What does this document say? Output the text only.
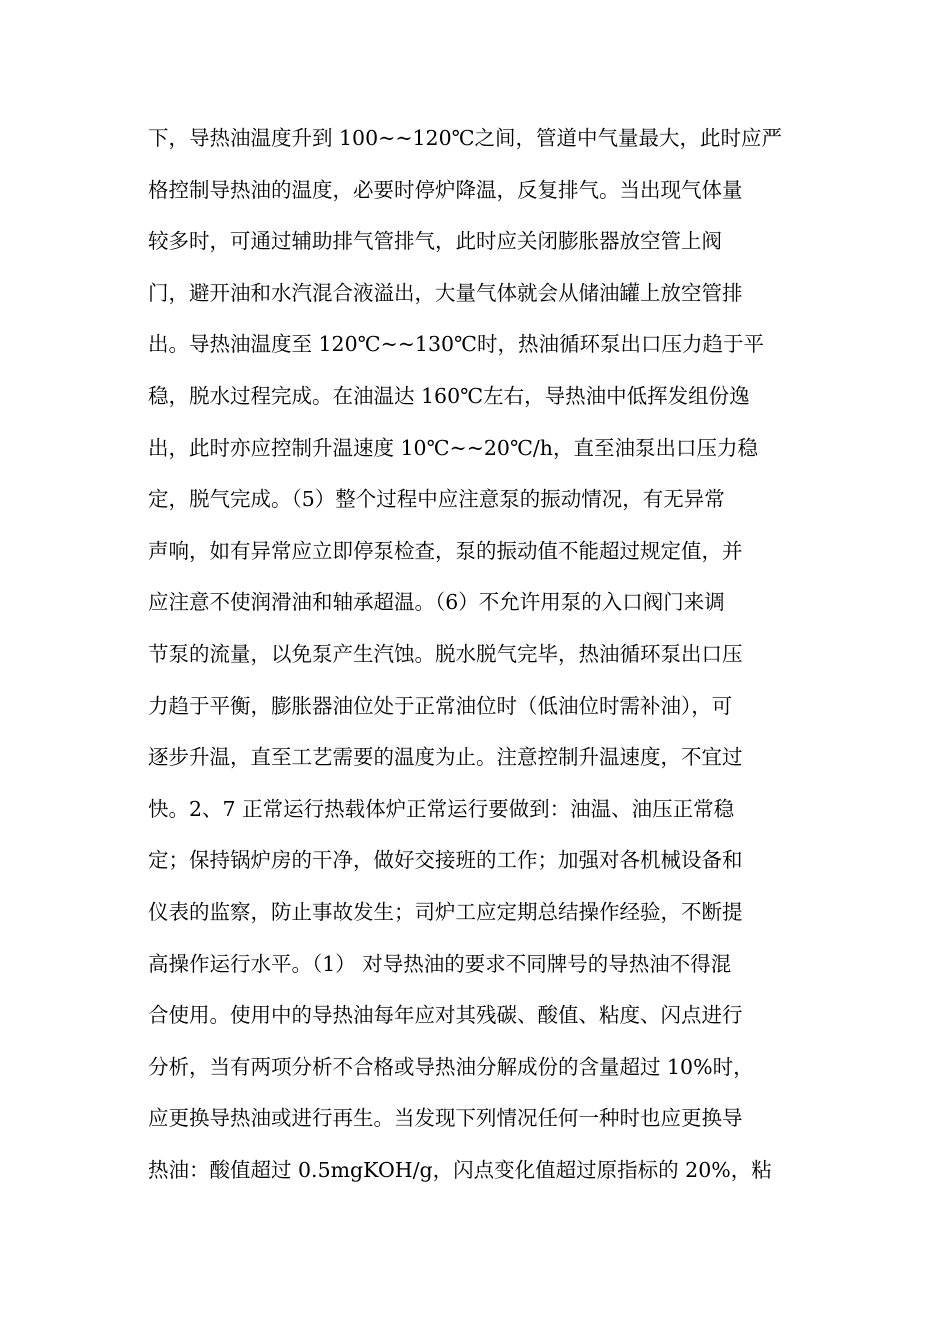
下，导热油温度升到 100~~120℃之间，管道中气量最大，此时应严
格控制导热油的温度，必要时停炉降温，反复排气。当出现气体量
较多时，可通过辅助排气管排气，此时应关闭膨胀器放空管上阀
门，避开油和水汽混合液溢出，大量气体就会从储油罐上放空管排
出。导热油温度至 120℃~~130℃时，热油循环泵出口压力趋于平
稳，脱水过程完成。在油温达 160℃左右，导热油中低挥发组份逸
出，此时亦应控制升温速度 10℃~~20℃/h，直至油泵出口压力稳
定，脱气完成。（5）整个过程中应注意泵的振动情况，有无异常
声响，如有异常应立即停泵检查，泵的振动值不能超过规定值，并
应注意不使润滑油和轴承超温。（6）不允许用泵的入口阀门来调
节泵的流量，以免泵产生汽蚀。脱水脱气完毕，热油循环泵出口压
力趋于平衡，膨胀器油位处于正常油位时（低油位时需补油），可
逐步升温，直至工艺需要的温度为止。注意控制升温速度，不宜过
快。2、7 正常运行热载体炉正常运行要做到：油温、油压正常稳
定；保持锅炉房的干净，做好交接班的工作；加强对各机械设备和
仪表的监察，防止事故发生；司炉工应定期总结操作经验，不断提
高操作运行水平。（1） 对导热油的要求不同牌号的导热油不得混
合使用。使用中的导热油每年应对其残碳、酸值、粘度、闪点进行
分析，当有两项分析不合格或导热油分解成份的含量超过 10%时，
应更换导热油或进行再生。当发现下列情况任何一种时也应更换导
热油：酸值超过 0.5mgKOH/g，闪点变化值超过原指标的 20%，粘
